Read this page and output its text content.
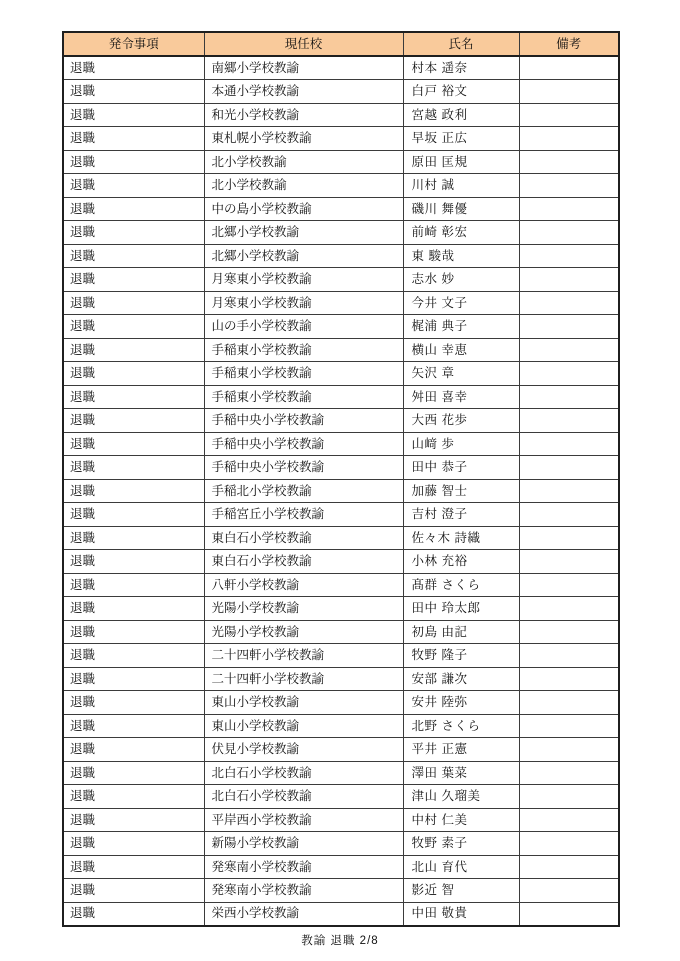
発令事項	現任校	氏名	備考
退職	南郷小学校教諭	村本 遥奈	
退職	本通小学校教諭	白戸 裕文	
退職	和光小学校教諭	宮越 政利	
退職	東札幌小学校教諭	早坂 正広	
退職	北小学校教諭	原田 匡規	
退職	北小学校教諭	川村 誠	
退職	中の島小学校教諭	磯川 舞優	
退職	北郷小学校教諭	前崎 彰宏	
退職	北郷小学校教諭	東 駿哉	
退職	月寒東小学校教諭	志水 妙	
退職	月寒東小学校教諭	今井 文子	
退職	山の手小学校教諭	梶浦 典子	
退職	手稲東小学校教諭	横山 幸恵	
退職	手稲東小学校教諭	矢沢 章	
退職	手稲東小学校教諭	舛田 喜幸	
退職	手稲中央小学校教諭	大西 花歩	
退職	手稲中央小学校教諭	山﨑 歩	
退職	手稲中央小学校教諭	田中 恭子	
退職	手稲北小学校教諭	加藤 智士	
退職	手稲宮丘小学校教諭	吉村 澄子	
退職	東白石小学校教諭	佐々木 詩織	
退職	東白石小学校教諭	小林 充裕	
退職	八軒小学校教諭	髙群 さくら	
退職	光陽小学校教諭	田中 玲太郎	
退職	光陽小学校教諭	初島 由記	
退職	二十四軒小学校教諭	牧野 隆子	
退職	二十四軒小学校教諭	安部 謙次	
退職	東山小学校教諭	安井 陸弥	
退職	東山小学校教諭	北野 さくら	
退職	伏見小学校教諭	平井 正憲	
退職	北白石小学校教諭	澤田 葉菜	
退職	北白石小学校教諭	津山 久瑠美	
退職	平岸西小学校教諭	中村 仁美	
退職	新陽小学校教諭	牧野 素子	
退職	発寒南小学校教諭	北山 育代	
退職	発寒南小学校教諭	影近 智	
退職	栄西小学校教諭	中田 敬貴	
教諭 退職 2/8
